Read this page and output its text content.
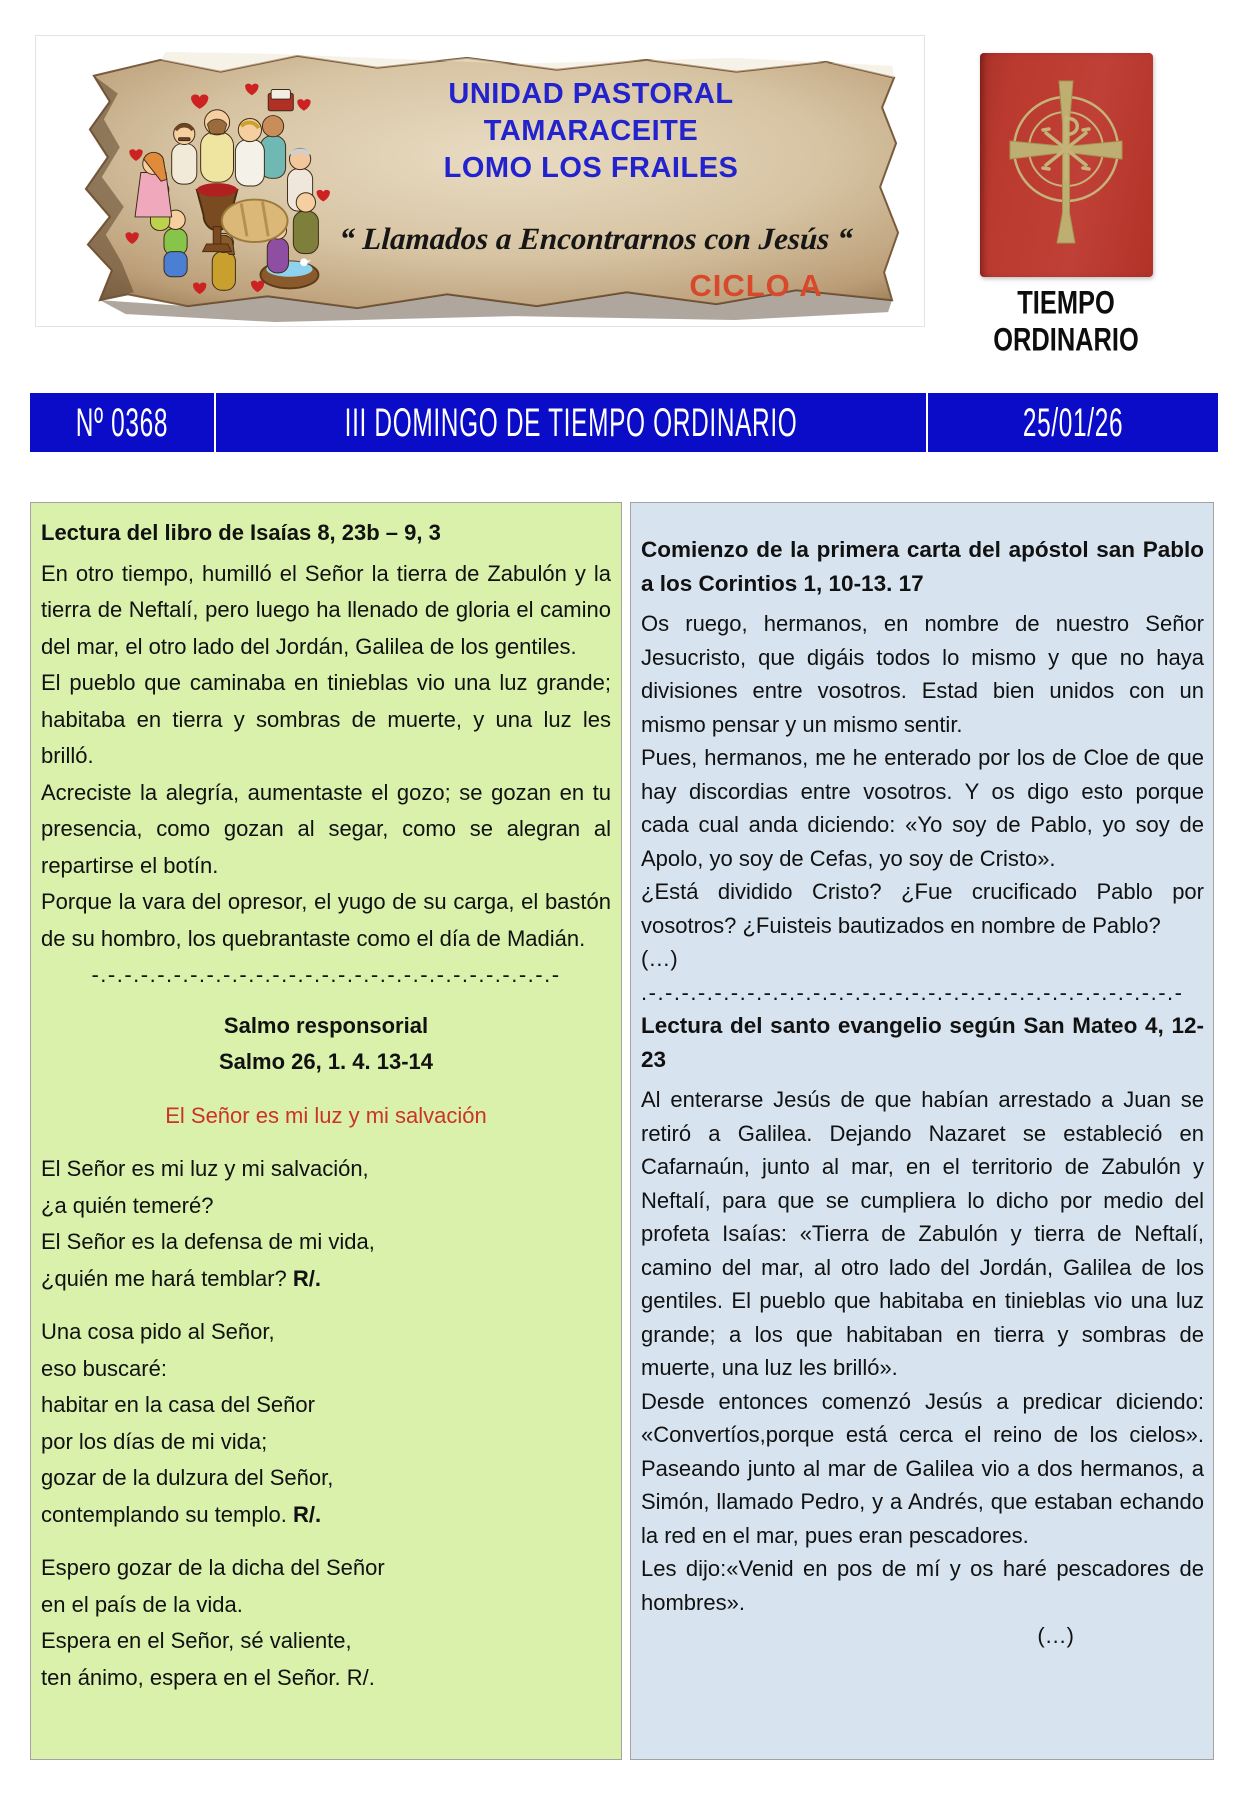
UNIDAD PASTORAL
TAMARACEITE
LOMO LOS FRAILES
“ Llamados a Encontrarnos con Jesús “
CICLO A	TIEMPO
ORDINARIO
Nº 0368	III DOMINGO DE TIEMPO ORDINARIO	25/01/26

Lectura del libro de Isaías 8, 23b – 9, 3

En otro tiempo, humilló el Señor la tierra de Zabulón y la tierra de Neftalí, pero luego ha llenado de gloria el camino del mar, el otro lado del Jordán, Galilea de los gentiles.

El pueblo que caminaba en tinieblas vio una luz grande; habitaba en tierra y sombras de muerte, y una luz les brilló.

Acreciste la alegría, aumentaste el gozo; se gozan en tu presencia, como gozan al segar, como se alegran al repartirse el botín.

Porque la vara del opresor, el yugo de su carga, el bastón de su hombro, los quebrantaste como el día de Madián.

-.-.-.-.-.-.-.-.-.-.-.-.-.-.-.-.-.-.-.-.-.-.-.-.-.-.-.-.-
Salmo responsorial
Salmo 26, 1. 4. 13-14
El Señor es mi luz y mi salvación
El Señor es mi luz y mi salvación,
¿a quién temeré?
El Señor es la defensa de mi vida,
¿quién me hará temblar? R/.
Una cosa pido al Señor,
eso buscaré:
habitar en la casa del Señor
por los días de mi vida;
gozar de la dulzura del Señor,
contemplando su templo. R/.
Espero gozar de la dicha del Señor
en el país de la vida.
Espera en el Señor, sé valiente,
ten ánimo, espera en el Señor. R/.

Comienzo de la primera carta del apóstol san Pablo a los Corintios 1, 10-13. 17

Os ruego, hermanos, en nombre de nuestro Señor Jesucristo, que digáis todos lo mismo y que no haya divisiones entre vosotros. Estad bien unidos con un mismo pensar y un mismo sentir.

Pues, hermanos, me he enterado por los de Cloe de que hay discordias entre vosotros. Y os digo esto porque cada cual anda diciendo: «Yo soy de Pablo, yo soy de Apolo, yo soy de Cefas, yo soy de Cristo».

¿Está dividido Cristo? ¿Fue crucificado Pablo por vosotros? ¿Fuisteis bautizados en nombre de Pablo?

(…)
.-.-.-.-.-.-.-.-.-.-.-.-.-.-.-.-.-.-.-.-.-.-.-.-.-.-.-.-.-.-.-.-.-

Lectura del santo evangelio según San Mateo 4, 12-23

Al enterarse Jesús de que habían arrestado a Juan se retiró a Galilea. Dejando Nazaret se estableció en Cafarnaún, junto al mar, en el territorio de Zabulón y Neftalí, para que se cumpliera lo dicho por medio del profeta Isaías: «Tierra de Zabulón y tierra de Neftalí, camino del mar, al otro lado del Jordán, Galilea de los gentiles. El pueblo que habitaba en tinieblas vio una luz grande; a los que habitaban en tierra y sombras de muerte, una luz les brilló».

Desde entonces comenzó Jesús a predicar diciendo: «Convertíos,porque está cerca el reino de los cielos». Paseando junto al mar de Galilea vio a dos hermanos, a Simón, llamado Pedro, y a Andrés, que estaban echando la red en el mar, pues eran pescadores.

Les dijo:«Venid en pos de mí y os haré pescadores de hombres».

(…)
